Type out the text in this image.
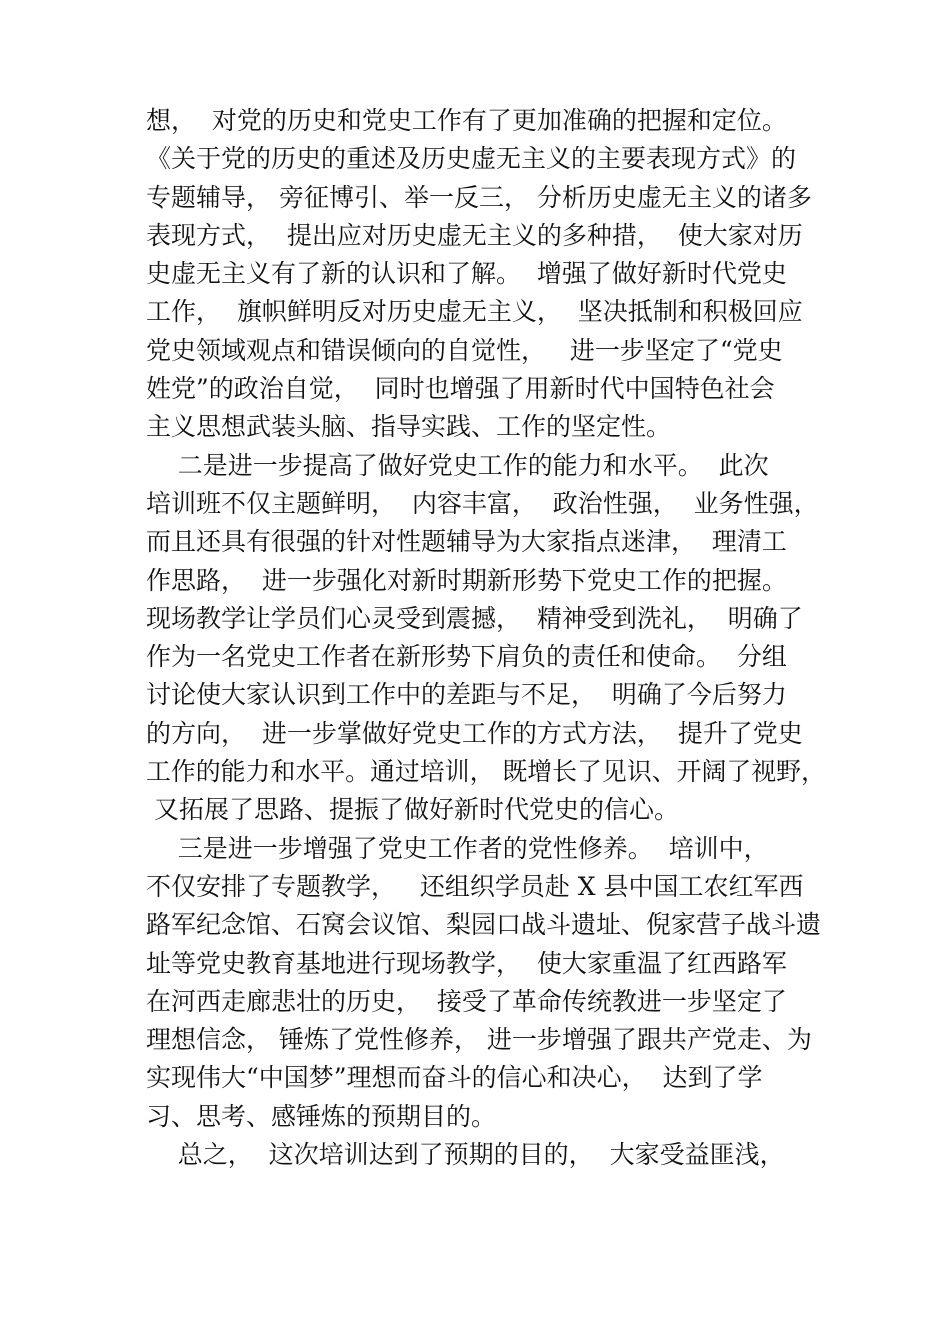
想，  对党的历史和党史工作有了更加准确的把握和定位。
《关于党的历史的重述及历史虚无主义的主要表现方式》的
专题辅导， 旁征博引、举一反三， 分析历史虚无主义的诸多
表现方式，  提出应对历史虚无主义的多种措，  使大家对历
史虚无主义有了新的认识和了解。  增强了做好新时代党史
工作，  旗帜鲜明反对历史虚无主义，  坚决抵制和积极回应
党史领域观点和错误倾向的自觉性，   进一步坚定了“党史
姓党”的政治自觉，  同时也增强了用新时代中国特色社会
主义思想武装头脑、指导实践、工作的坚定性。
二是进一步提高了做好党史工作的能力和水平。  此次
培训班不仅主题鲜明，  内容丰富，  政治性强，  业务性强，
而且还具有很强的针对性题辅导为大家指点迷津，  理清工
作思路，  进一步强化对新时期新形势下党史工作的把握。
现场教学让学员们心灵受到震撼，  精神受到洗礼，  明确了
作为一名党史工作者在新形势下肩负的责任和使命。  分组
讨论使大家认识到工作中的差距与不足，  明确了今后努力
的方向，  进一步掌做好党史工作的方式方法，  提升了党史
工作的能力和水平。通过培训， 既增长了见识、开阔了视野，
又拓展了思路、提振了做好新时代党史的信心。
三是进一步增强了党史工作者的党性修养。  培训中，
不仅安排了专题教学，   还组织学员赴 X 县中国工农红军西
路军纪念馆、石窝会议馆、梨园口战斗遗址、倪家营子战斗遗
址等党史教育基地进行现场教学，  使大家重温了红西路军
在河西走廊悲壮的历史，  接受了革命传统教进一步坚定了
理想信念， 锤炼了党性修养， 进一步增强了跟共产党走、为
实现伟大“中国梦”理想而奋斗的信心和决心，  达到了学
习、思考、感锤炼的预期目的。
总之，  这次培训达到了预期的目的，  大家受益匪浅，
